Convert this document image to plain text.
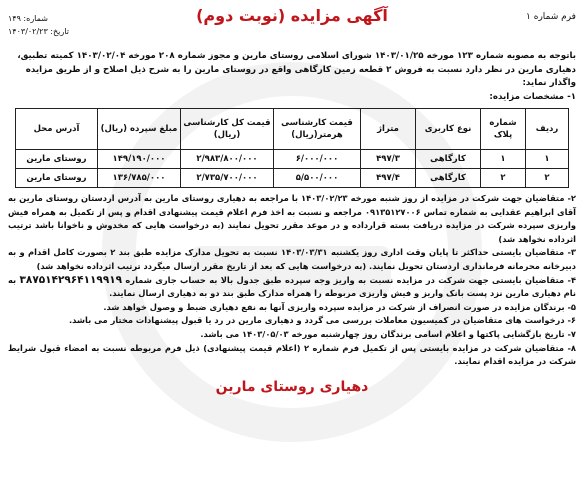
فرم شماره ۱
آگهی مزایده (نوبت دوم)
شماره: ۱۴۹
تاریخ: ۱۴۰۳/۰۲/۲۳
باتوجه به مصوبه شماره ۱۲۳ مورخه ۱۴۰۳/۰۱/۲۵ شورای اسلامی روستای مارین و مجوز شماره ۲۰۸ مورخه ۱۴۰۳/۰۲/۰۴ کمیته تطبیق، دهیاری مارین در نظر دارد نسبت به فروش ۲ قطعه زمین کارگاهی واقع در روستای مارین را به شرح ذیل اصلاح و از طریق مزایده واگذار نماید:
۱- مشخصات مزایده:
ردیف	شماره پلاک	نوع کاربری	متراژ	قیمت کارشناسی هرمتر(ریال)	قیمت کل کارشناسی (ریال)	مبلغ سپرده (ریال)	آدرس محل
۱	۱	کارگاهی	۴۹۷/۳	۶/۰۰۰/۰۰۰	۲/۹۸۳/۸۰۰/۰۰۰	۱۴۹/۱۹۰/۰۰۰	روستای مارین
۲	۲	کارگاهی	۴۹۷/۴	۵/۵۰۰/۰۰۰	۲/۷۳۵/۷۰۰/۰۰۰	۱۳۶/۷۸۵/۰۰۰	روستای مارین

۲- متقاضیان جهت شرکت در مزایده از روز شنبه مورخه ۱۴۰۳/۰۲/۲۳ با مراجعه به دهیاری روستای مارین به آدرس اردستان روستای مارین به آقای ابراهیم عقدایی به شماره تماس ۰۹۱۳۵۱۲۷۰۰۶ مراجعه و نسبت به اخذ فرم اعلام قیمت پیشنهادی اقدام و پس از تکمیل به همراه فیش واریزی سپرده شرکت در مزایده دریافت بسته قرارداده و در موعد مقرر تحویل نمایند (به درخواست هایی که مخدوش و ناخوانا باشد ترتیب اثرداده نخواهد شد)

۳- متقاضیان بایستی حداکثر تا پایان وقت اداری روز یکشنبه ۱۴۰۳/۰۳/۳۱ نسبت به تحویل مدارک مزایده طبق بند ۲ بصورت کامل اقدام و به دبیرخانه محرمانه فرمانداری اردستان تحویل نمایند. (به درخواست هایی که بعد از تاریخ مقرر ارسال میگردد ترتیب اثرداده نخواهد شد)

۴- متقاضیان بایستی جهت شرکت در مزایده نسبت به واریز وجه سپرده طبق جدول بالا به حساب جاری شماره ۳۸۷۵۱۴۲۹۶۴۱۱۹۹۱۹ به نام دهیاری مارین نزد پست بانک واریز و فیش واریزی مربوطه را همراه مدارک طبق بند دو به دهیاری ارسال نمایند.

۵- برندگان مزایده در صورت انصراف از شرکت در مزایده سپرده واریزی آنها به نفع دهیاری ضبط و وصول خواهد شد.

۶- درخواست های متقاضیان در کمیسیون معاملات بررسی می گردد و دهیاری مارین در رد یا قبول پیشنهادات مختار می باشد.

۷- تاریخ بازگشایی پاکتها و اعلام اسامی برندگان روز چهارشنبه مورخه ۱۴۰۳/۰۵/۰۳ می باشد.

۸- متقاضیان شرکت در مزایده بایستی پس از تکمیل فرم شماره ۲ (اعلام قیمت پیشنهادی) ذیل فرم مربوطه نسبت به امضاء قبول شرایط شرکت در مزایده اقدام نمایند.

دهیاری روستای مارین
